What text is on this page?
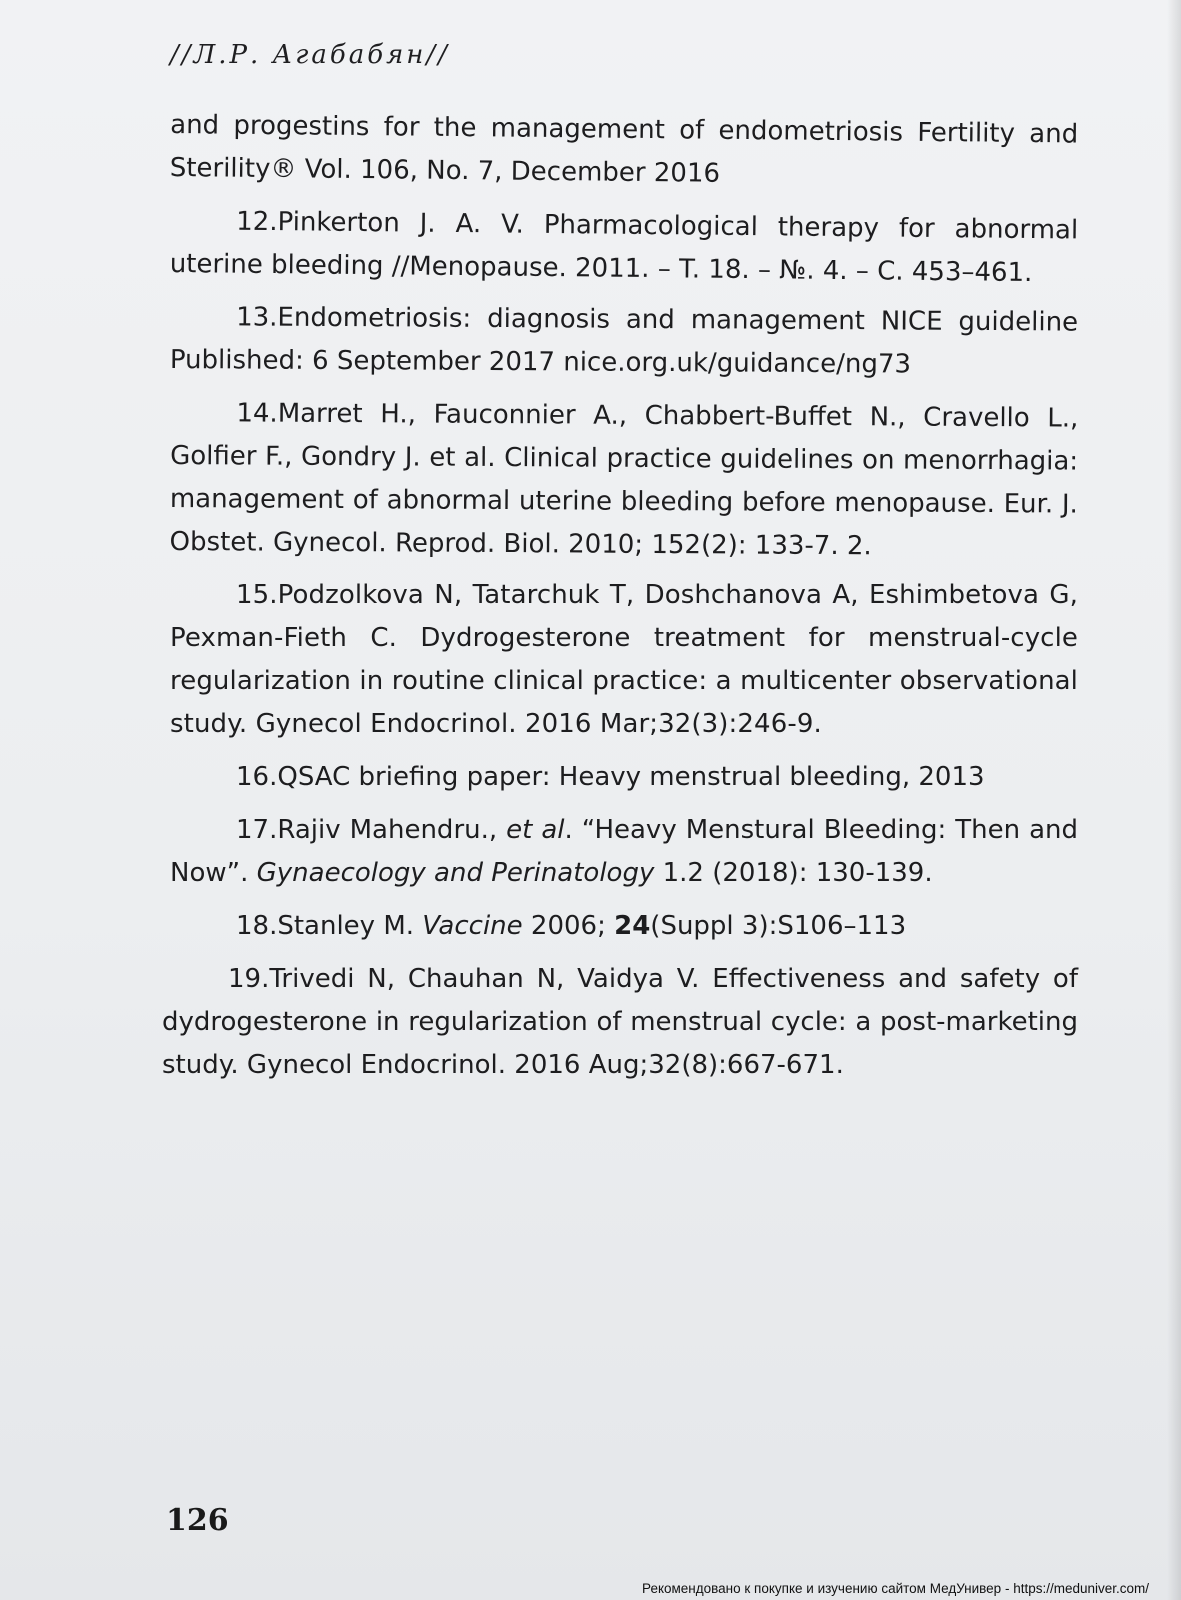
//Л.Р. Агабабян//

and progestins for the management of endometriosis Fertility and Sterility® Vol. 106, No. 7, December 2016

12.Pinkerton J. A. V. Pharmacological therapy for abnormal uterine bleeding //Menopause. 2011. – T. 18. – №. 4. – С. 453–461.

13.Endometriosis: diagnosis and management NICE guideline Published: 6 September 2017 nice.org.uk/guidance/ng73

14.Marret H., Fauconnier A., Chabbert-Buffet N., Cravello L., Golfier F., Gondry J. et al. Clinical practice guidelines on menorrhagia: management of abnormal uterine bleeding before menopause. Eur. J. Obstet. Gynecol. Reprod. Biol. 2010; 152(2): 133-7. 2.

15.Podzolkova N, Tatarchuk T, Doshchanova A, Eshimbetova G, Pexman-Fieth C. Dydrogesterone treatment for menstrual-cycle regularization in routine clinical practice: a multicenter observational study. Gynecol Endocrinol. 2016 Mar;32(3):246-9.

16.QSAC briefing paper: Heavy menstrual bleeding, 2013

17.Rajiv Mahendru., et al. “Heavy Menstural Bleeding: Then and Now”. Gynaecology and Perinatology 1.2 (2018): 130-139.

18.Stanley M. Vaccine 2006; 24(Suppl 3):S106–113

19.Trivedi N, Chauhan N, Vaidya V. Effectiveness and safety of dydrogesterone in regularization of menstrual cycle: a post-marketing study. Gynecol Endocrinol. 2016 Aug;32(8):667-671.

126
Рекомендовано к покупке и изучению сайтом МедУнивер - https://meduniver.com/
